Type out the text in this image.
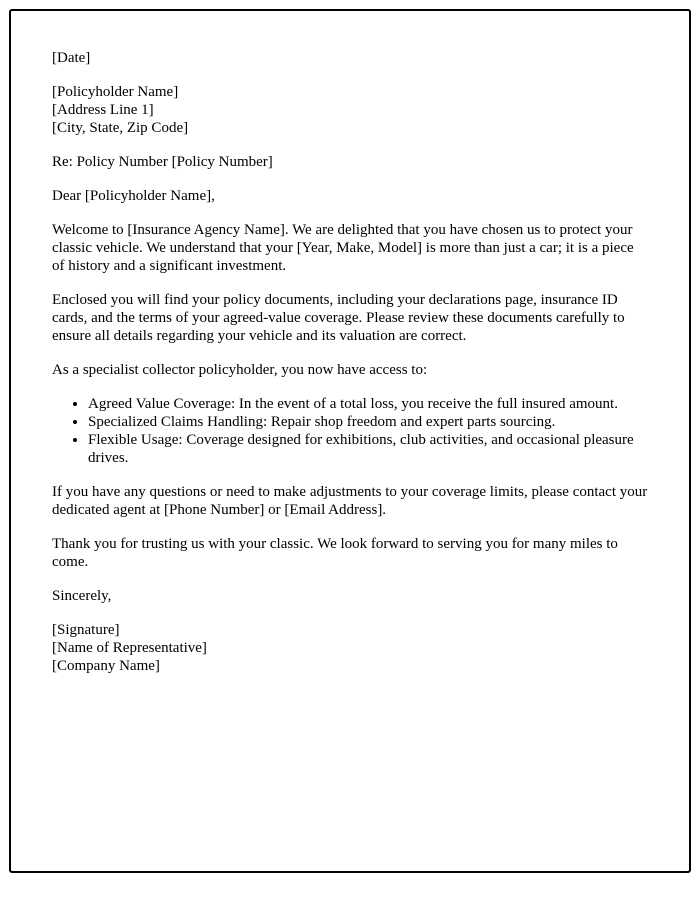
[Date]
[Policyholder Name]
[Address Line 1]
[City, State, Zip Code]
Re: Policy Number [Policy Number]
Dear [Policyholder Name],

Welcome to [Insurance Agency Name]. We are delighted that you have chosen us to protect your classic vehicle. We understand that your [Year, Make, Model] is more than just a car; it is a piece of history and a significant investment.

Enclosed you will find your policy documents, including your declarations page, insurance ID cards, and the terms of your agreed-value coverage. Please review these documents carefully to ensure all details regarding your vehicle and its valuation are correct.

As a specialist collector policyholder, you now have access to:

• Agreed Value Coverage: In the event of a total loss, you receive the full insured amount.
• Specialized Claims Handling: Repair shop freedom and expert parts sourcing.
• Flexible Usage: Coverage designed for exhibitions, club activities, and occasional pleasure drives.

If you have any questions or need to make adjustments to your coverage limits, please contact your dedicated agent at [Phone Number] or [Email Address].

Thank you for trusting us with your classic. We look forward to serving you for many miles to come.

Sincerely,
[Signature]
[Name of Representative]
[Company Name]
